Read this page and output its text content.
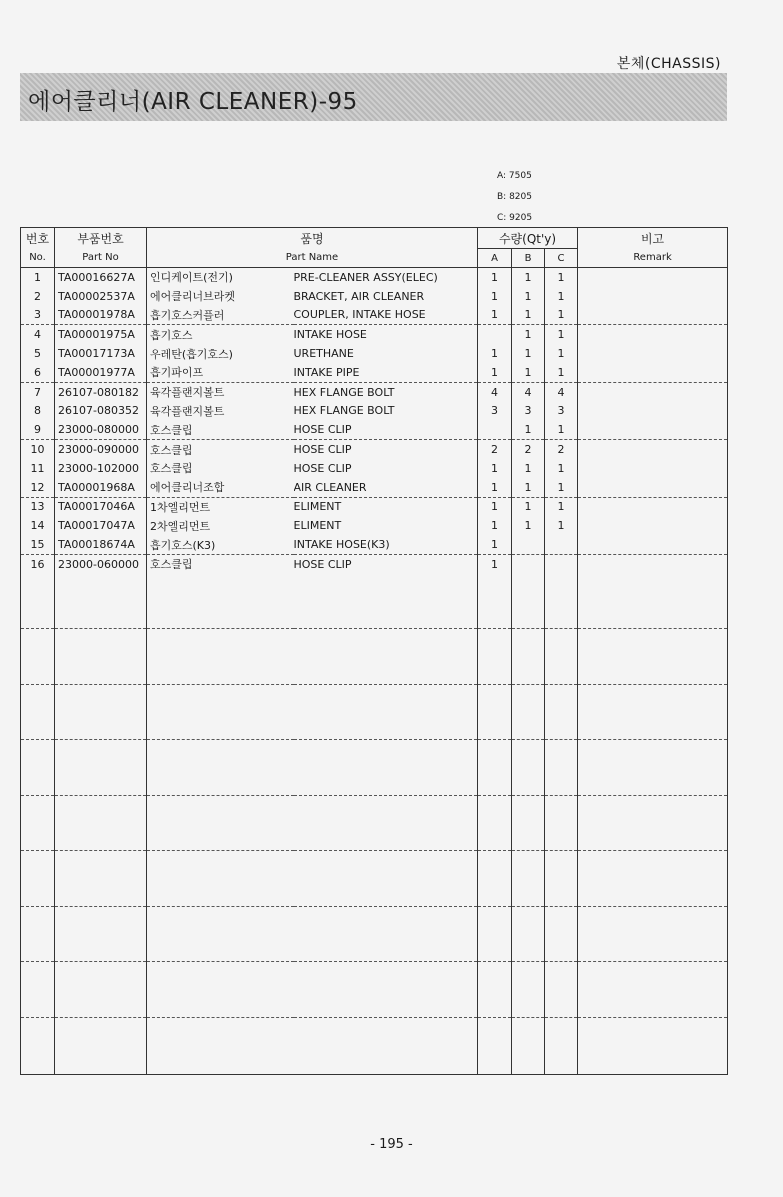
본체(CHASSIS)
에어클리너(AIR CLEANER)-95
A: 7505
B: 8205
C: 9205
번호	부품번호	품명		수량(Qt'y)			비고
No.	Part No	Part Name		A	B	C	Remark
1	TA00016627A	인디케이트(전기)	PRE-CLEANER ASSY(ELEC)	1	1	1	
2	TA00002537A	에어클리너브라켓	BRACKET, AIR CLEANER	1	1	1	
3	TA00001978A	흡기호스커플러	COUPLER, INTAKE HOSE	1	1	1	
4	TA00001975A	흡기호스	INTAKE HOSE		1	1	
5	TA00017173A	우레탄(흡기호스)	URETHANE	1	1	1	
6	TA00001977A	흡기파이프	INTAKE PIPE	1	1	1	
7	26107-080182	육각플랜지볼트	HEX FLANGE BOLT	4	4	4	
8	26107-080352	육각플랜지볼트	HEX FLANGE BOLT	3	3	3	
9	23000-080000	호스클립	HOSE CLIP		1	1	
10	23000-090000	호스클립	HOSE CLIP	2	2	2	
11	23000-102000	호스클립	HOSE CLIP	1	1	1	
12	TA00001968A	에어클리너조합	AIR CLEANER	1	1	1	
13	TA00017046A	1차엘리먼트	ELIMENT	1	1	1	
14	TA00017047A	2차엘리먼트	ELIMENT	1	1	1	
15	TA00018674A	흡기호스(K3)	INTAKE HOSE(K3)	1			
16	23000-060000	호스클립	HOSE CLIP	1			

- 195 -
